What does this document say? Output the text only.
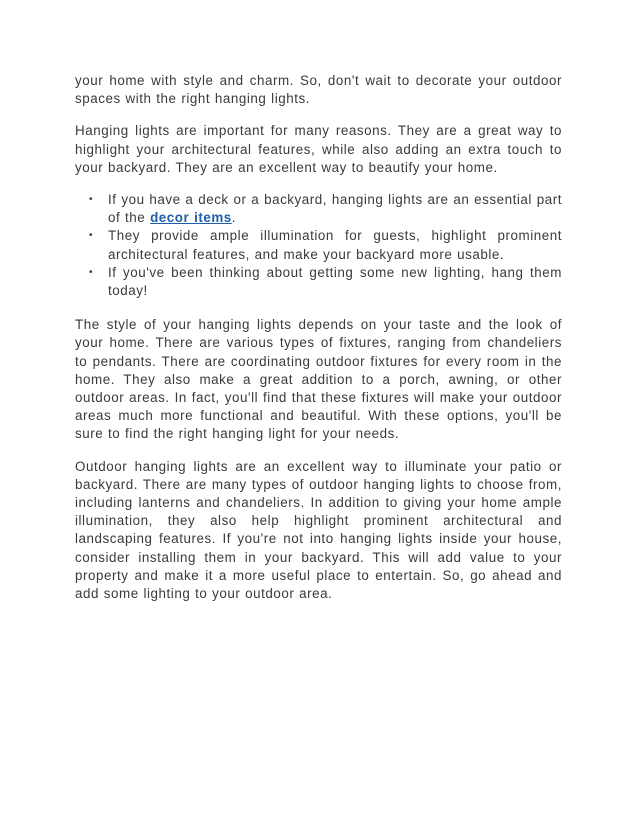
your home with style and charm. So, don't wait to decorate your outdoor spaces with the right hanging lights.

Hanging lights are important for many reasons. They are a great way to highlight your architectural features, while also adding an extra touch to your backyard. They are an excellent way to beautify your home.

• If you have a deck or a backyard, hanging lights are an essential part of the decor items.
• They provide ample illumination for guests, highlight prominent architectural features, and make your backyard more usable.
• If you've been thinking about getting some new lighting, hang them today!

The style of your hanging lights depends on your taste and the look of your home. There are various types of fixtures, ranging from chandeliers to pendants. There are coordinating outdoor fixtures for every room in the home. They also make a great addition to a porch, awning, or other outdoor areas. In fact, you'll find that these fixtures will make your outdoor areas much more functional and beautiful. With these options, you'll be sure to find the right hanging light for your needs.

Outdoor hanging lights are an excellent way to illuminate your patio or backyard. There are many types of outdoor hanging lights to choose from, including lanterns and chandeliers. In addition to giving your home ample illumination, they also help highlight prominent architectural and landscaping features. If you're not into hanging lights inside your house, consider installing them in your backyard. This will add value to your property and make it a more useful place to entertain. So, go ahead and add some lighting to your outdoor area.
